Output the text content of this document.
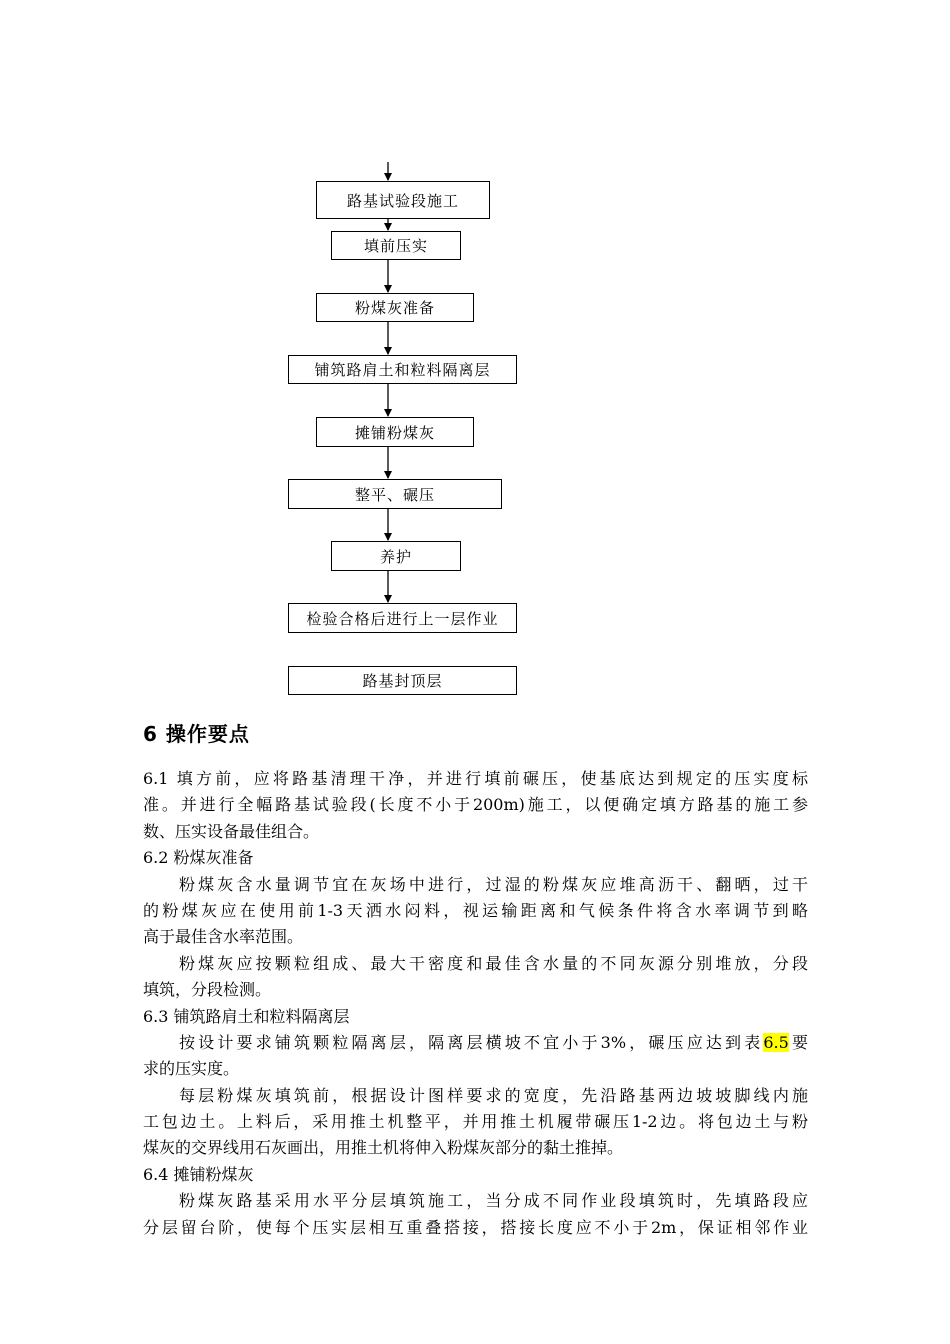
路基试验段施工
填前压实
粉煤灰准备
铺筑路肩土和粒料隔离层
摊铺粉煤灰
整平、碾压
养护
检验合格后进行上一层作业
路基封顶层
6 操作要点
6.1 填方前，应将路基清理干净，并进行填前碾压，使基底达到规定的压实度标
准。并进行全幅路基试验段(长度不小于200m)施工，以便确定填方路基的施工参
数、压实设备最佳组合。
6.2 粉煤灰准备
粉煤灰含水量调节宜在灰场中进行，过湿的粉煤灰应堆高沥干、翻晒，过干
的粉煤灰应在使用前1-3天洒水闷料，视运输距离和气候条件将含水率调节到略
高于最佳含水率范围。
粉煤灰应按颗粒组成、最大干密度和最佳含水量的不同灰源分别堆放，分段
填筑，分段检测。
6.3 铺筑路肩土和粒料隔离层
按设计要求铺筑颗粒隔离层，隔离层横坡不宜小于3%，碾压应达到表6.5要
求的压实度。
每层粉煤灰填筑前，根据设计图样要求的宽度，先沿路基两边坡坡脚线内施
工包边土。上料后，采用推土机整平，并用推土机履带碾压1-2边。将包边土与粉
煤灰的交界线用石灰画出，用推土机将伸入粉煤灰部分的黏土推掉。
6.4 摊铺粉煤灰
粉煤灰路基采用水平分层填筑施工，当分成不同作业段填筑时，先填路段应
分层留台阶，使每个压实层相互重叠搭接，搭接长度应不小于2m，保证相邻作业
